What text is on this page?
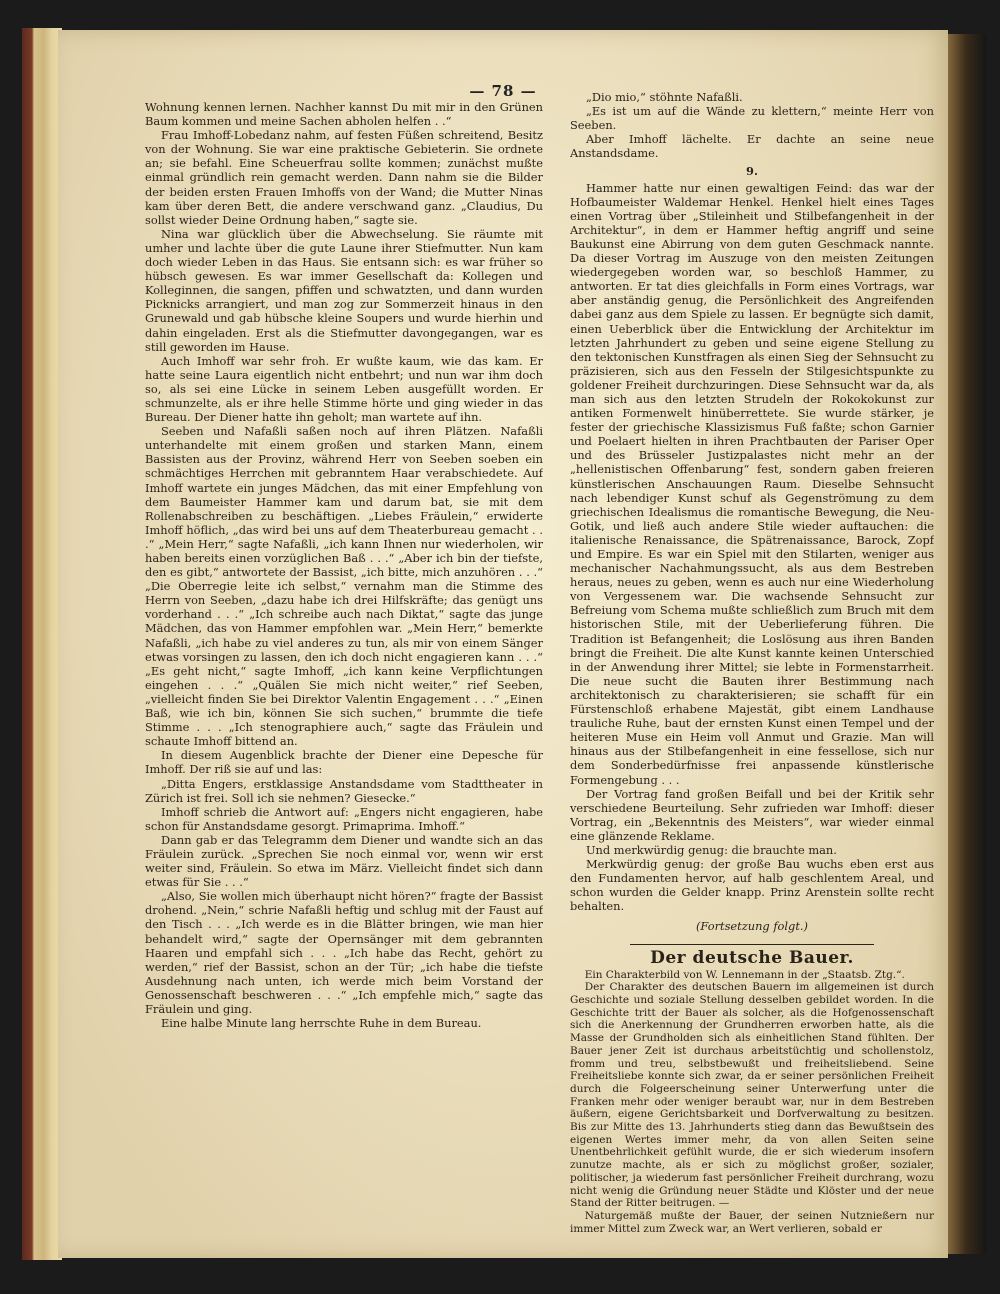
— 78 —

Wohnung kennen lernen. Nachher kannst Du mit mir in den Grünen Baum kommen und meine Sachen abholen helfen . .“

Frau Imhoff-Lobedanz nahm, auf festen Füßen schreitend, Besitz von der Wohnung. Sie war eine praktische Gebieterin. Sie ordnete an; sie befahl. Eine Scheuerfrau sollte kommen; zunächst mußte einmal gründlich rein gemacht werden. Dann nahm sie die Bilder der beiden ersten Frauen Imhoffs von der Wand; die Mutter Ninas kam über deren Bett, die andere verschwand ganz. „Claudius, Du sollst wieder Deine Ordnung haben,“ sagte sie.

Nina war glücklich über die Abwechselung. Sie räumte mit umher und lachte über die gute Laune ihrer Stiefmutter. Nun kam doch wieder Leben in das Haus. Sie entsann sich: es war früher so hübsch gewesen. Es war immer Gesellschaft da: Kollegen und Kolleginnen, die sangen, pfiffen und schwatzten, und dann wurden Picknicks arrangiert, und man zog zur Sommerzeit hinaus in den Grunewald und gab hübsche kleine Soupers und wurde hierhin und dahin eingeladen. Erst als die Stiefmutter davongegangen, war es still geworden im Hause.

Auch Imhoff war sehr froh. Er wußte kaum, wie das kam. Er hatte seine Laura eigentlich nicht entbehrt; und nun war ihm doch so, als sei eine Lücke in seinem Leben ausgefüllt worden. Er schmunzelte, als er ihre helle Stimme hörte und ging wieder in das Bureau. Der Diener hatte ihn geholt; man wartete auf ihn.

Seeben und Nafaßli saßen noch auf ihren Plätzen. Nafaßli unterhandelte mit einem großen und starken Mann, einem Bassisten aus der Provinz, während Herr von Seeben soeben ein schmächtiges Herrchen mit gebranntem Haar verabschiedete. Auf Imhoff wartete ein junges Mädchen, das mit einer Empfehlung von dem Baumeister Hammer kam und darum bat, sie mit dem Rollenabschreiben zu beschäftigen. „Liebes Fräulein,“ erwiderte Imhoff höflich, „das wird bei uns auf dem Theaterbureau gemacht . . .“ „Mein Herr,“ sagte Nafaßli, „ich kann Ihnen nur wiederholen, wir haben bereits einen vorzüglichen Baß . . .“ „Aber ich bin der tiefste, den es gibt,“ antwortete der Bassist, „ich bitte, mich anzuhören . . .“ „Die Oberregie leite ich selbst,“ vernahm man die Stimme des Herrn von Seeben, „dazu habe ich drei Hilfskräfte; das genügt uns vorderhand . . .“ „Ich schreibe auch nach Diktat,“ sagte das junge Mädchen, das von Hammer empfohlen war. „Mein Herr,“ bemerkte Nafaßli, „ich habe zu viel anderes zu tun, als mir von einem Sänger etwas vorsingen zu lassen, den ich doch nicht engagieren kann . . .“ „Es geht nicht,“ sagte Imhoff, „ich kann keine Verpflichtungen eingehen . . .“ „Quälen Sie mich nicht weiter,“ rief Seeben, „vielleicht finden Sie bei Direktor Valentin Engagement . . .“ „Einen Baß, wie ich bin, können Sie sich suchen,“ brummte die tiefe Stimme . . . „Ich stenographiere auch,“ sagte das Fräulein und schaute Imhoff bittend an.

In diesem Augenblick brachte der Diener eine Depesche für Imhoff. Der riß sie auf und las:

„Ditta Engers, erstklassige Anstandsdame vom Stadttheater in Zürich ist frei. Soll ich sie nehmen? Giesecke.“

Imhoff schrieb die Antwort auf: „Engers nicht engagieren, habe schon für Anstandsdame gesorgt. Primaprima. Imhoff.“

Dann gab er das Telegramm dem Diener und wandte sich an das Fräulein zurück. „Sprechen Sie noch einmal vor, wenn wir erst weiter sind, Fräulein. So etwa im März. Vielleicht findet sich dann etwas für Sie . . .“

„Also, Sie wollen mich überhaupt nicht hören?“ fragte der Bassist drohend. „Nein,“ schrie Nafaßli heftig und schlug mit der Faust auf den Tisch . . . „Ich werde es in die Blätter bringen, wie man hier behandelt wird,“ sagte der Opernsänger mit dem gebrannten Haaren und empfahl sich . . . „Ich habe das Recht, gehört zu werden,“ rief der Bassist, schon an der Tür; „ich habe die tiefste Ausdehnung nach unten, ich werde mich beim Vorstand der Genossenschaft beschweren . . .“ „Ich empfehle mich,“ sagte das Fräulein und ging.

Eine halbe Minute lang herrschte Ruhe in dem Bureau.

„Dio mio,“ stöhnte Nafaßli.

„Es ist um auf die Wände zu klettern,“ meinte Herr von Seeben.

Aber Imhoff lächelte. Er dachte an seine neue Anstandsdame.

9.

Hammer hatte nur einen gewaltigen Feind: das war der Hofbaumeister Waldemar Henkel. Henkel hielt eines Tages einen Vortrag über „Stileinheit und Stilbefangenheit in der Architektur“, in dem er Hammer heftig angriff und seine Baukunst eine Abirrung von dem guten Geschmack nannte. Da dieser Vortrag im Auszuge von den meisten Zeitungen wiedergegeben worden war, so beschloß Hammer, zu antworten. Er tat dies gleichfalls in Form eines Vortrags, war aber anständig genug, die Persönlichkeit des Angreifenden dabei ganz aus dem Spiele zu lassen. Er begnügte sich damit, einen Ueberblick über die Entwicklung der Architektur im letzten Jahrhundert zu geben und seine eigene Stellung zu den tektonischen Kunstfragen als einen Sieg der Sehnsucht zu präzisieren, sich aus den Fesseln der Stilgesichtspunkte zu goldener Freiheit durchzuringen. Diese Sehnsucht war da, als man sich aus den letzten Strudeln der Rokokokunst zur antiken Formenwelt hinüberrettete. Sie wurde stärker, je fester der griechische Klassizismus Fuß faßte; schon Garnier und Poelaert hielten in ihren Prachtbauten der Pariser Oper und des Brüsseler Justizpalastes nicht mehr an der „hellenistischen Offenbarung“ fest, sondern gaben freieren künstlerischen Anschauungen Raum. Dieselbe Sehnsucht nach lebendiger Kunst schuf als Gegenströmung zu dem griechischen Idealismus die romantische Bewegung, die Neu-Gotik, und ließ auch andere Stile wieder auftauchen: die italienische Renaissance, die Spätrenaissance, Barock, Zopf und Empire. Es war ein Spiel mit den Stilarten, weniger aus mechanischer Nachahmungssucht, als aus dem Bestreben heraus, neues zu geben, wenn es auch nur eine Wiederholung von Vergessenem war. Die wachsende Sehnsucht zur Befreiung vom Schema mußte schließlich zum Bruch mit dem historischen Stile, mit der Ueberlieferung führen. Die Tradition ist Befangenheit; die Loslösung aus ihren Banden bringt die Freiheit. Die alte Kunst kannte keinen Unterschied in der Anwendung ihrer Mittel; sie lebte in Formenstarrheit. Die neue sucht die Bauten ihrer Bestimmung nach architektonisch zu charakterisieren; sie schafft für ein Fürstenschloß erhabene Majestät, gibt einem Landhause trauliche Ruhe, baut der ernsten Kunst einen Tempel und der heiteren Muse ein Heim voll Anmut und Grazie. Man will hinaus aus der Stilbefangenheit in eine fessellose, sich nur dem Sonderbedürfnisse frei anpassende künstlerische Formengebung . . .

Der Vortrag fand großen Beifall und bei der Kritik sehr verschiedene Beurteilung. Sehr zufrieden war Imhoff: dieser Vortrag, ein „Bekenntnis des Meisters“, war wieder einmal eine glänzende Reklame.

Und merkwürdig genug: die brauchte man.

Merkwürdig genug: der große Bau wuchs eben erst aus den Fundamenten hervor, auf halb geschlentem Areal, und schon wurden die Gelder knapp. Prinz Arenstein sollte recht behalten.

(Fortsetzung folgt.)
Der deutsche Bauer.

Ein Charakterbild von W. Lennemann in der „Staatsb. Ztg.“.

Der Charakter des deutschen Bauern im allgemeinen ist durch Geschichte und soziale Stellung desselben gebildet worden. In die Geschichte tritt der Bauer als solcher, als die Hofgenossenschaft sich die Anerkennung der Grundherren erworben hatte, als die Masse der Grundholden sich als einheitlichen Stand fühlten. Der Bauer jener Zeit ist durchaus arbeitstüchtig und schollenstolz, fromm und treu, selbstbewußt und freiheitsliebend. Seine Freiheitsliebe konnte sich zwar, da er seiner persönlichen Freiheit durch die Folgeerscheinung seiner Unterwerfung unter die Franken mehr oder weniger beraubt war, nur in dem Bestreben äußern, eigene Gerichtsbarkeit und Dorfverwaltung zu besitzen. Bis zur Mitte des 13. Jahrhunderts stieg dann das Bewußtsein des eigenen Wertes immer mehr, da von allen Seiten seine Unentbehrlichkeit gefühlt wurde, die er sich wiederum insofern zunutze machte, als er sich zu möglichst großer, sozialer, politischer, ja wiederum fast persönlicher Freiheit durchrang, wozu nicht wenig die Gründung neuer Städte und Klöster und der neue Stand der Ritter beitrugen. —

Naturgemäß mußte der Bauer, der seinen Nutznießern nur immer Mittel zum Zweck war, an Wert verlieren, sobald er
